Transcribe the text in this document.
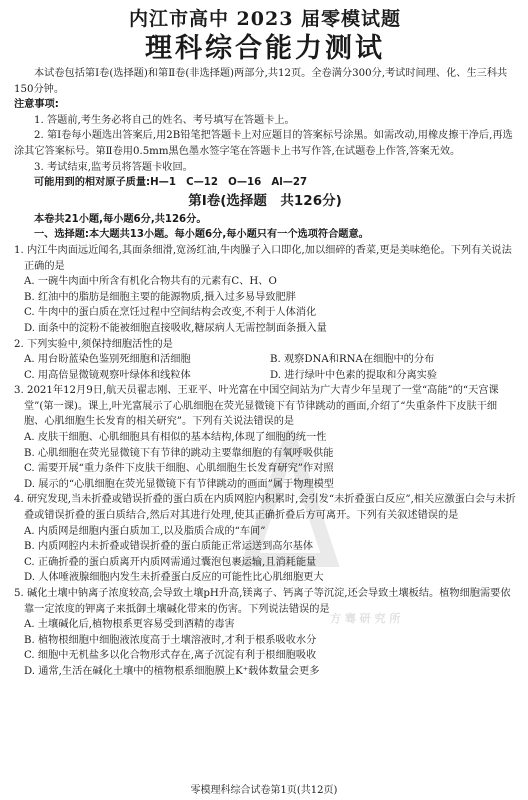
内江市高中 2023 届零模试题
理科综合能力测试

本试卷包括第Ⅰ卷(选择题)和第Ⅱ卷(非选择题)两部分,共12页。全卷满分300分,考试时间理、化、生三科共150分钟。

注意事项:

1. 答题前,考生务必将自己的姓名、考号填写在答题卡上。

2. 第Ⅰ卷每小题选出答案后,用2B铅笔把答题卡上对应题目的答案标号涂黑。如需改动,用橡皮擦干净后,再选涂其它答案标号。第Ⅱ卷用0.5mm黑色墨水签字笔在答题卡上书写作答,在试题卷上作答,答案无效。

3. 考试结束,监考员将答题卡收回。

可能用到的相对原子质量:H—1　C—12　O—16　Al—27

第Ⅰ卷(选择题　共126分)

本卷共21小题,每小题6分,共126分。

一、选择题:本大题共13小题。每小题6分,每小题只有一个选项符合题意。

1. 内江牛肉面远近闻名,其面条细滑,宽汤红油,牛肉臊子入口即化,加以细碎的香菜,更是美味绝伦。下列有关说法正确的是

A. 一碗牛肉面中所含有机化合物共有的元素有C、H、O

B. 红油中的脂肪是细胞主要的能源物质,摄入过多易导致肥胖

C. 牛肉中的蛋白质在烹饪过程中空间结构会改变,不利于人体消化

D. 面条中的淀粉不能被细胞直接吸收,糖尿病人无需控制面条摄入量

2. 下列实验中,须保持细胞活性的是

A. 用台盼蓝染色鉴别死细胞和活细胞	B. 观察DNA和RNA在细胞中的分布
C. 用高倍显微镜观察叶绿体和线粒体	D. 进行绿叶中色素的提取和分离实验

3. 2021年12月9日,航天员翟志刚、王亚平、叶光富在中国空间站为广大青少年呈现了一堂“高能”的“天宫课堂”(第一课)。课上,叶光富展示了心肌细胞在荧光显微镜下有节律跳动的画面,介绍了“失重条件下皮肤干细胞、心肌细胞生长发育的相关研究”。下列有关说法错误的是

A. 皮肤干细胞、心肌细胞具有相似的基本结构,体现了细胞的统一性

B. 心肌细胞在荧光显微镜下有节律的跳动主要靠细胞的有氧呼吸供能

C. 需要开展“重力条件下皮肤干细胞、心肌细胞生长发育研究”作对照

D. 展示的“心肌细胞在荧光显微镜下有节律跳动的画面”属于物理模型

4. 研究发现,当未折叠或错误折叠的蛋白质在内质网腔内积累时,会引发“未折叠蛋白反应”,相关应激蛋白会与未折叠或错误折叠的蛋白质结合,然后对其进行处理,使其正确折叠后方可离开。下列有关叙述错误的是

A. 内质网是细胞内蛋白质加工,以及脂质合成的“车间”

B. 内质网腔内未折叠或错误折叠的蛋白质能正常运送到高尔基体

C. 正确折叠的蛋白质离开内质网需通过囊泡包裹运输,且消耗能量

D. 人体唾液腺细胞内发生未折叠蛋白反应的可能性比心肌细胞更大

5. 碱化土壤中钠离子浓度较高,会导致土壤pH升高,镁离子、钙离子等沉淀,还会导致土壤板结。植物细胞需要依靠一定浓度的钾离子来抵御土壤碱化带来的伤害。下列说法错误的是

A. 土壤碱化后,植物根系更容易受到酒精的毒害

B. 植物根细胞中细胞液浓度高于土壤溶液时,才利于根系吸收水分

C. 细胞中无机盐多以化合物形式存在,离子沉淀有利于根细胞吸收

D. 通常,生活在碱化土壤中的植物根系细胞膜上K⁺载体数量会更多

方 骞 研 究 所
零模理科综合试卷第1页(共12页)
